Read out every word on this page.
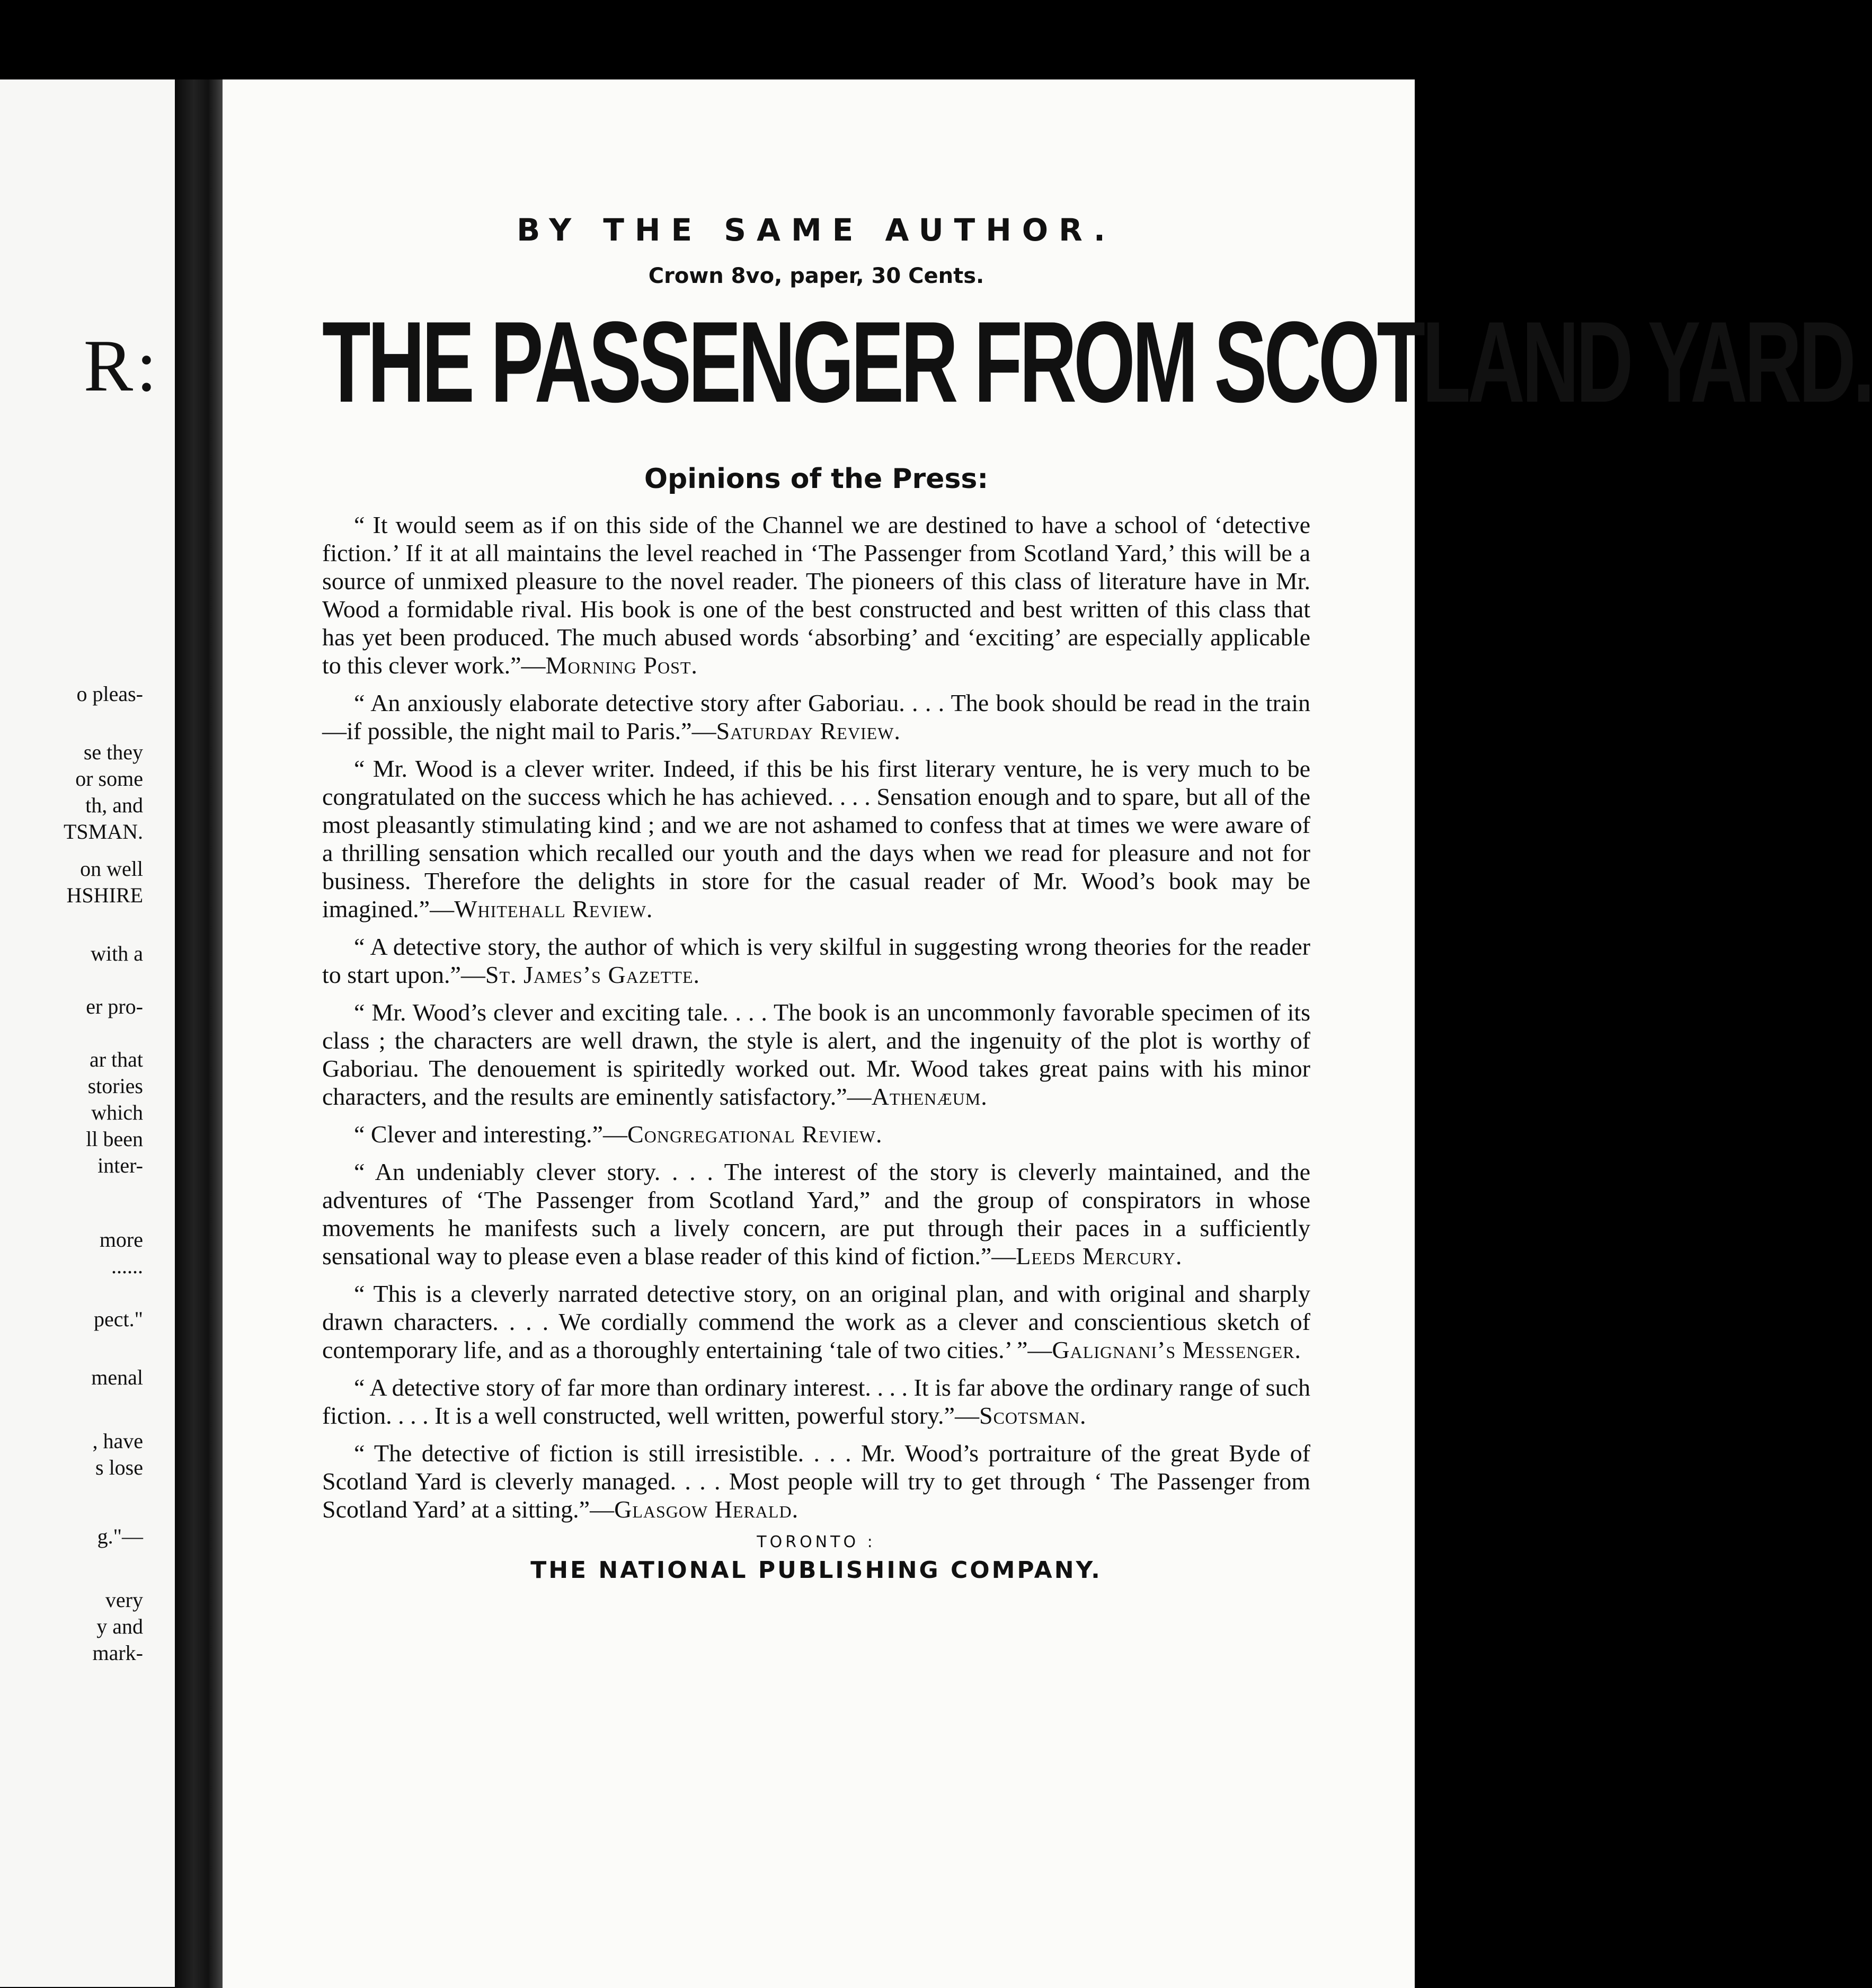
R:
o pleas-
se they
or some
th, and
TSMAN.
on well
HSHIRE
with a
er pro-
ar that
stories
which
ll been
inter-
more
......
pect."
menal
, have
s lose
g."—
very
y and
mark-

BY THE SAME AUTHOR.

Crown 8vo, paper, 30 Cents.

THE PASSENGER FROM SCOTLAND YARD.

Opinions of the Press:

“ It would seem as if on this side of the Channel we are destined to have a school of ‘detective fiction.’ If it at all maintains the level reached in ‘The Passenger from Scotland Yard,’ this will be a source of unmixed pleasure to the novel reader. The pioneers of this class of literature have in Mr. Wood a formidable rival. His book is one of the best constructed and best written of this class that has yet been produced. The much abused words ‘absorbing’ and ‘exciting’ are especially applicable to this clever work.”—Morning Post.

“ An anxiously elaborate detective story after Gaboriau. . . . The book should be read in the train—if possible, the night mail to Paris.”—Saturday Review.

“ Mr. Wood is a clever writer. Indeed, if this be his first literary venture, he is very much to be congratulated on the success which he has achieved. . . . Sensation enough and to spare, but all of the most pleasantly stimulating kind ; and we are not ashamed to confess that at times we were aware of a thrilling sensation which recalled our youth and the days when we read for pleasure and not for business. Therefore the delights in store for the casual reader of Mr. Wood’s book may be imagined.”—Whitehall Review.

“ A detective story, the author of which is very skilful in suggesting wrong theories for the reader to start upon.”—St. James’s Gazette.

“ Mr. Wood’s clever and exciting tale. . . . The book is an uncommonly favorable specimen of its class ; the characters are well drawn, the style is alert, and the ingenuity of the plot is worthy of Gaboriau. The denouement is spiritedly worked out. Mr. Wood takes great pains with his minor characters, and the results are eminently satisfactory.”—Athenæum.

“ Clever and interesting.”—Congregational Review.

“ An undeniably clever story. . . . The interest of the story is cleverly maintained, and the adventures of ‘The Passenger from Scotland Yard,” and the group of conspirators in whose movements he manifests such a lively concern, are put through their paces in a sufficiently sensational way to please even a blase reader of this kind of fiction.”—Leeds Mercury.

“ This is a cleverly narrated detective story, on an original plan, and with original and sharply drawn characters. . . . We cordially commend the work as a clever and conscientious sketch of contemporary life, and as a thoroughly entertaining ‘tale of two cities.’ ”—Galignani’s Messenger.

“ A detective story of far more than ordinary interest. . . . It is far above the ordinary range of such fiction. . . . It is a well constructed, well written, powerful story.”—Scotsman.

“ The detective of fiction is still irresistible. . . . Mr. Wood’s portraiture of the great Byde of Scotland Yard is cleverly managed. . . . Most people will try to get through ‘ The Passenger from Scotland Yard’ at a sitting.”—Glasgow Herald.

TORONTO :

THE NATIONAL PUBLISHING COMPANY.
